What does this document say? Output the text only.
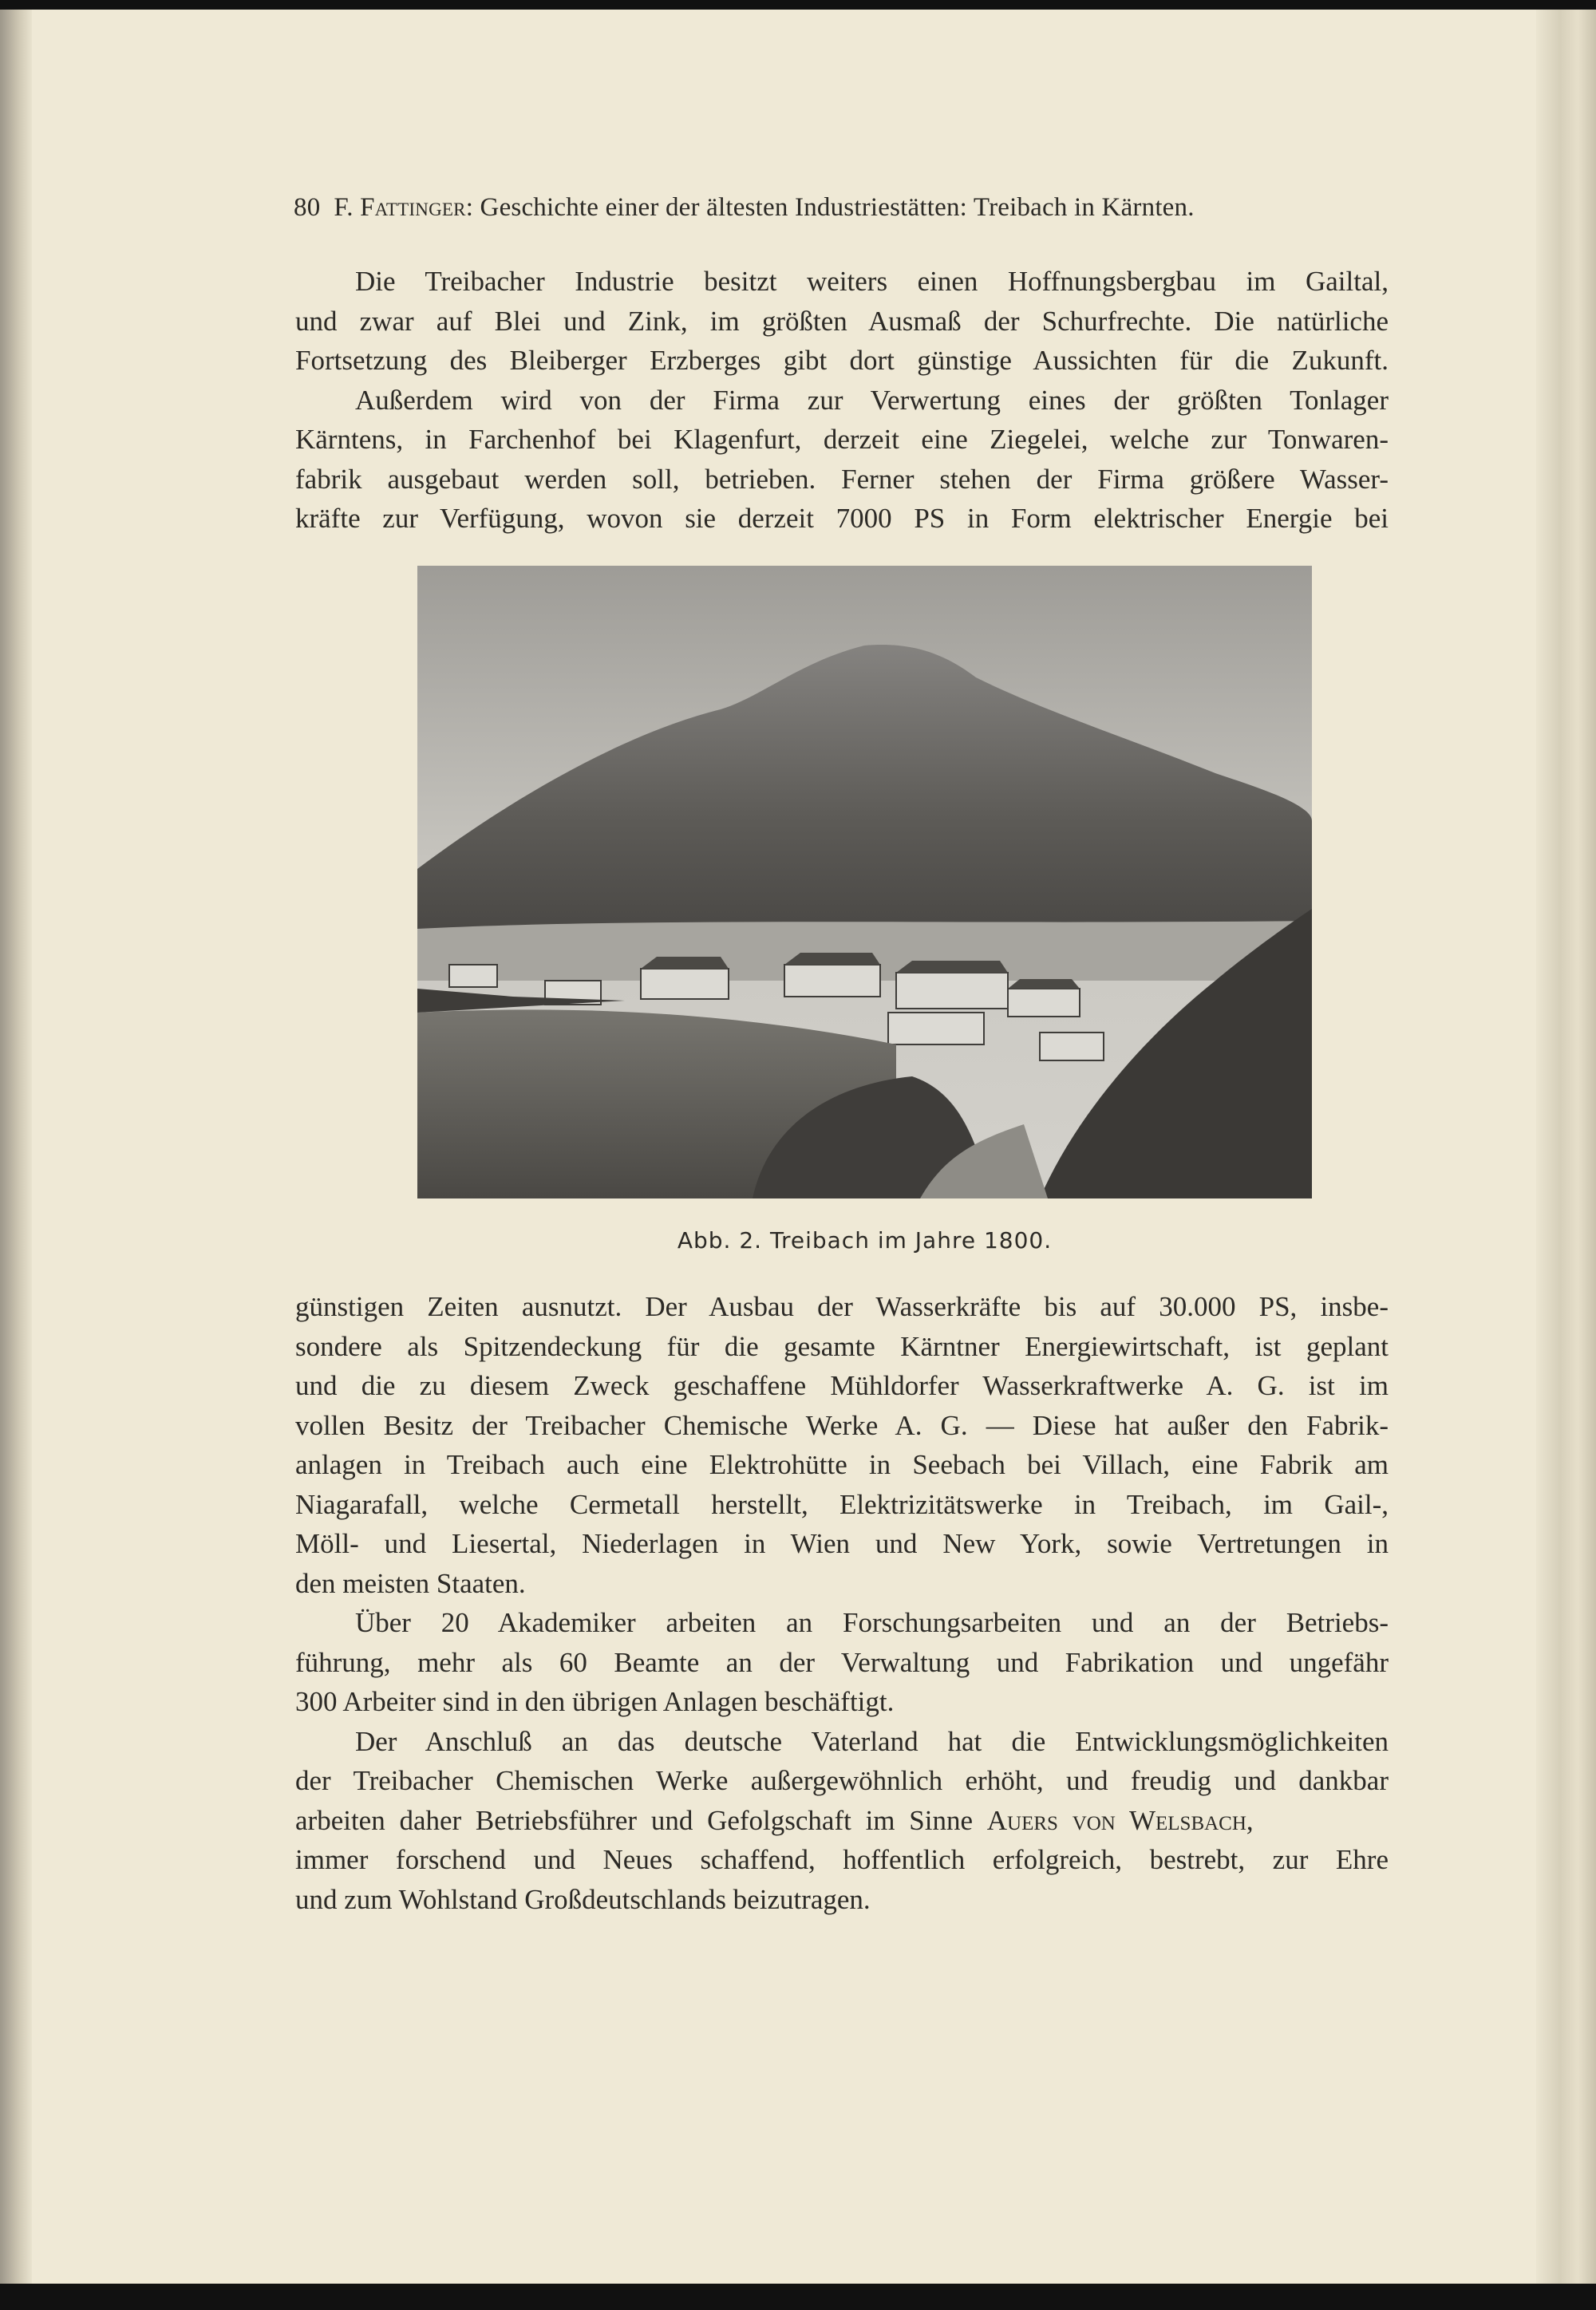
80 F. Fattinger: Geschichte einer der ältesten Industriestätten: Treibach in Kärnten.
Die Treibacher Industrie besitzt weiters einen Hoffnungsbergbau im Gailtal,
und zwar auf Blei und Zink, im größten Ausmaß der Schurfrechte. Die natürliche
Fortsetzung des Bleiberger Erzberges gibt dort günstige Aussichten für die Zukunft.
Außerdem wird von der Firma zur Verwertung eines der größten Tonlager
Kärntens, in Farchenhof bei Klagenfurt, derzeit eine Ziegelei, welche zur Tonwaren-
fabrik ausgebaut werden soll, betrieben. Ferner stehen der Firma größere Wasser-
kräfte zur Verfügung, wovon sie derzeit 7000 PS in Form elektrischer Energie bei
Abb. 2. Treibach im Jahre 1800.
günstigen Zeiten ausnutzt. Der Ausbau der Wasserkräfte bis auf 30.000 PS, insbe-
sondere als Spitzendeckung für die gesamte Kärntner Energiewirtschaft, ist geplant
und die zu diesem Zweck geschaffene Mühldorfer Wasserkraftwerke A. G. ist im
vollen Besitz der Treibacher Chemische Werke A. G. — Diese hat außer den Fabrik-
anlagen in Treibach auch eine Elektrohütte in Seebach bei Villach, eine Fabrik am
Niagarafall, welche Cermetall herstellt, Elektrizitätswerke in Treibach, im Gail-,
Möll- und Liesertal, Niederlagen in Wien und New York, sowie Vertretungen in
den meisten Staaten.
Über 20 Akademiker arbeiten an Forschungsarbeiten und an der Betriebs-
führung, mehr als 60 Beamte an der Verwaltung und Fabrikation und ungefähr
300 Arbeiter sind in den übrigen Anlagen beschäftigt.
Der Anschluß an das deutsche Vaterland hat die Entwicklungsmöglichkeiten
der Treibacher Chemischen Werke außergewöhnlich erhöht, und freudig und dankbar
arbeiten daher Betriebsführer und Gefolgschaft im Sinne Auers von Welsbach,
immer forschend und Neues schaffend, hoffentlich erfolgreich, bestrebt, zur Ehre
und zum Wohlstand Großdeutschlands beizutragen.
